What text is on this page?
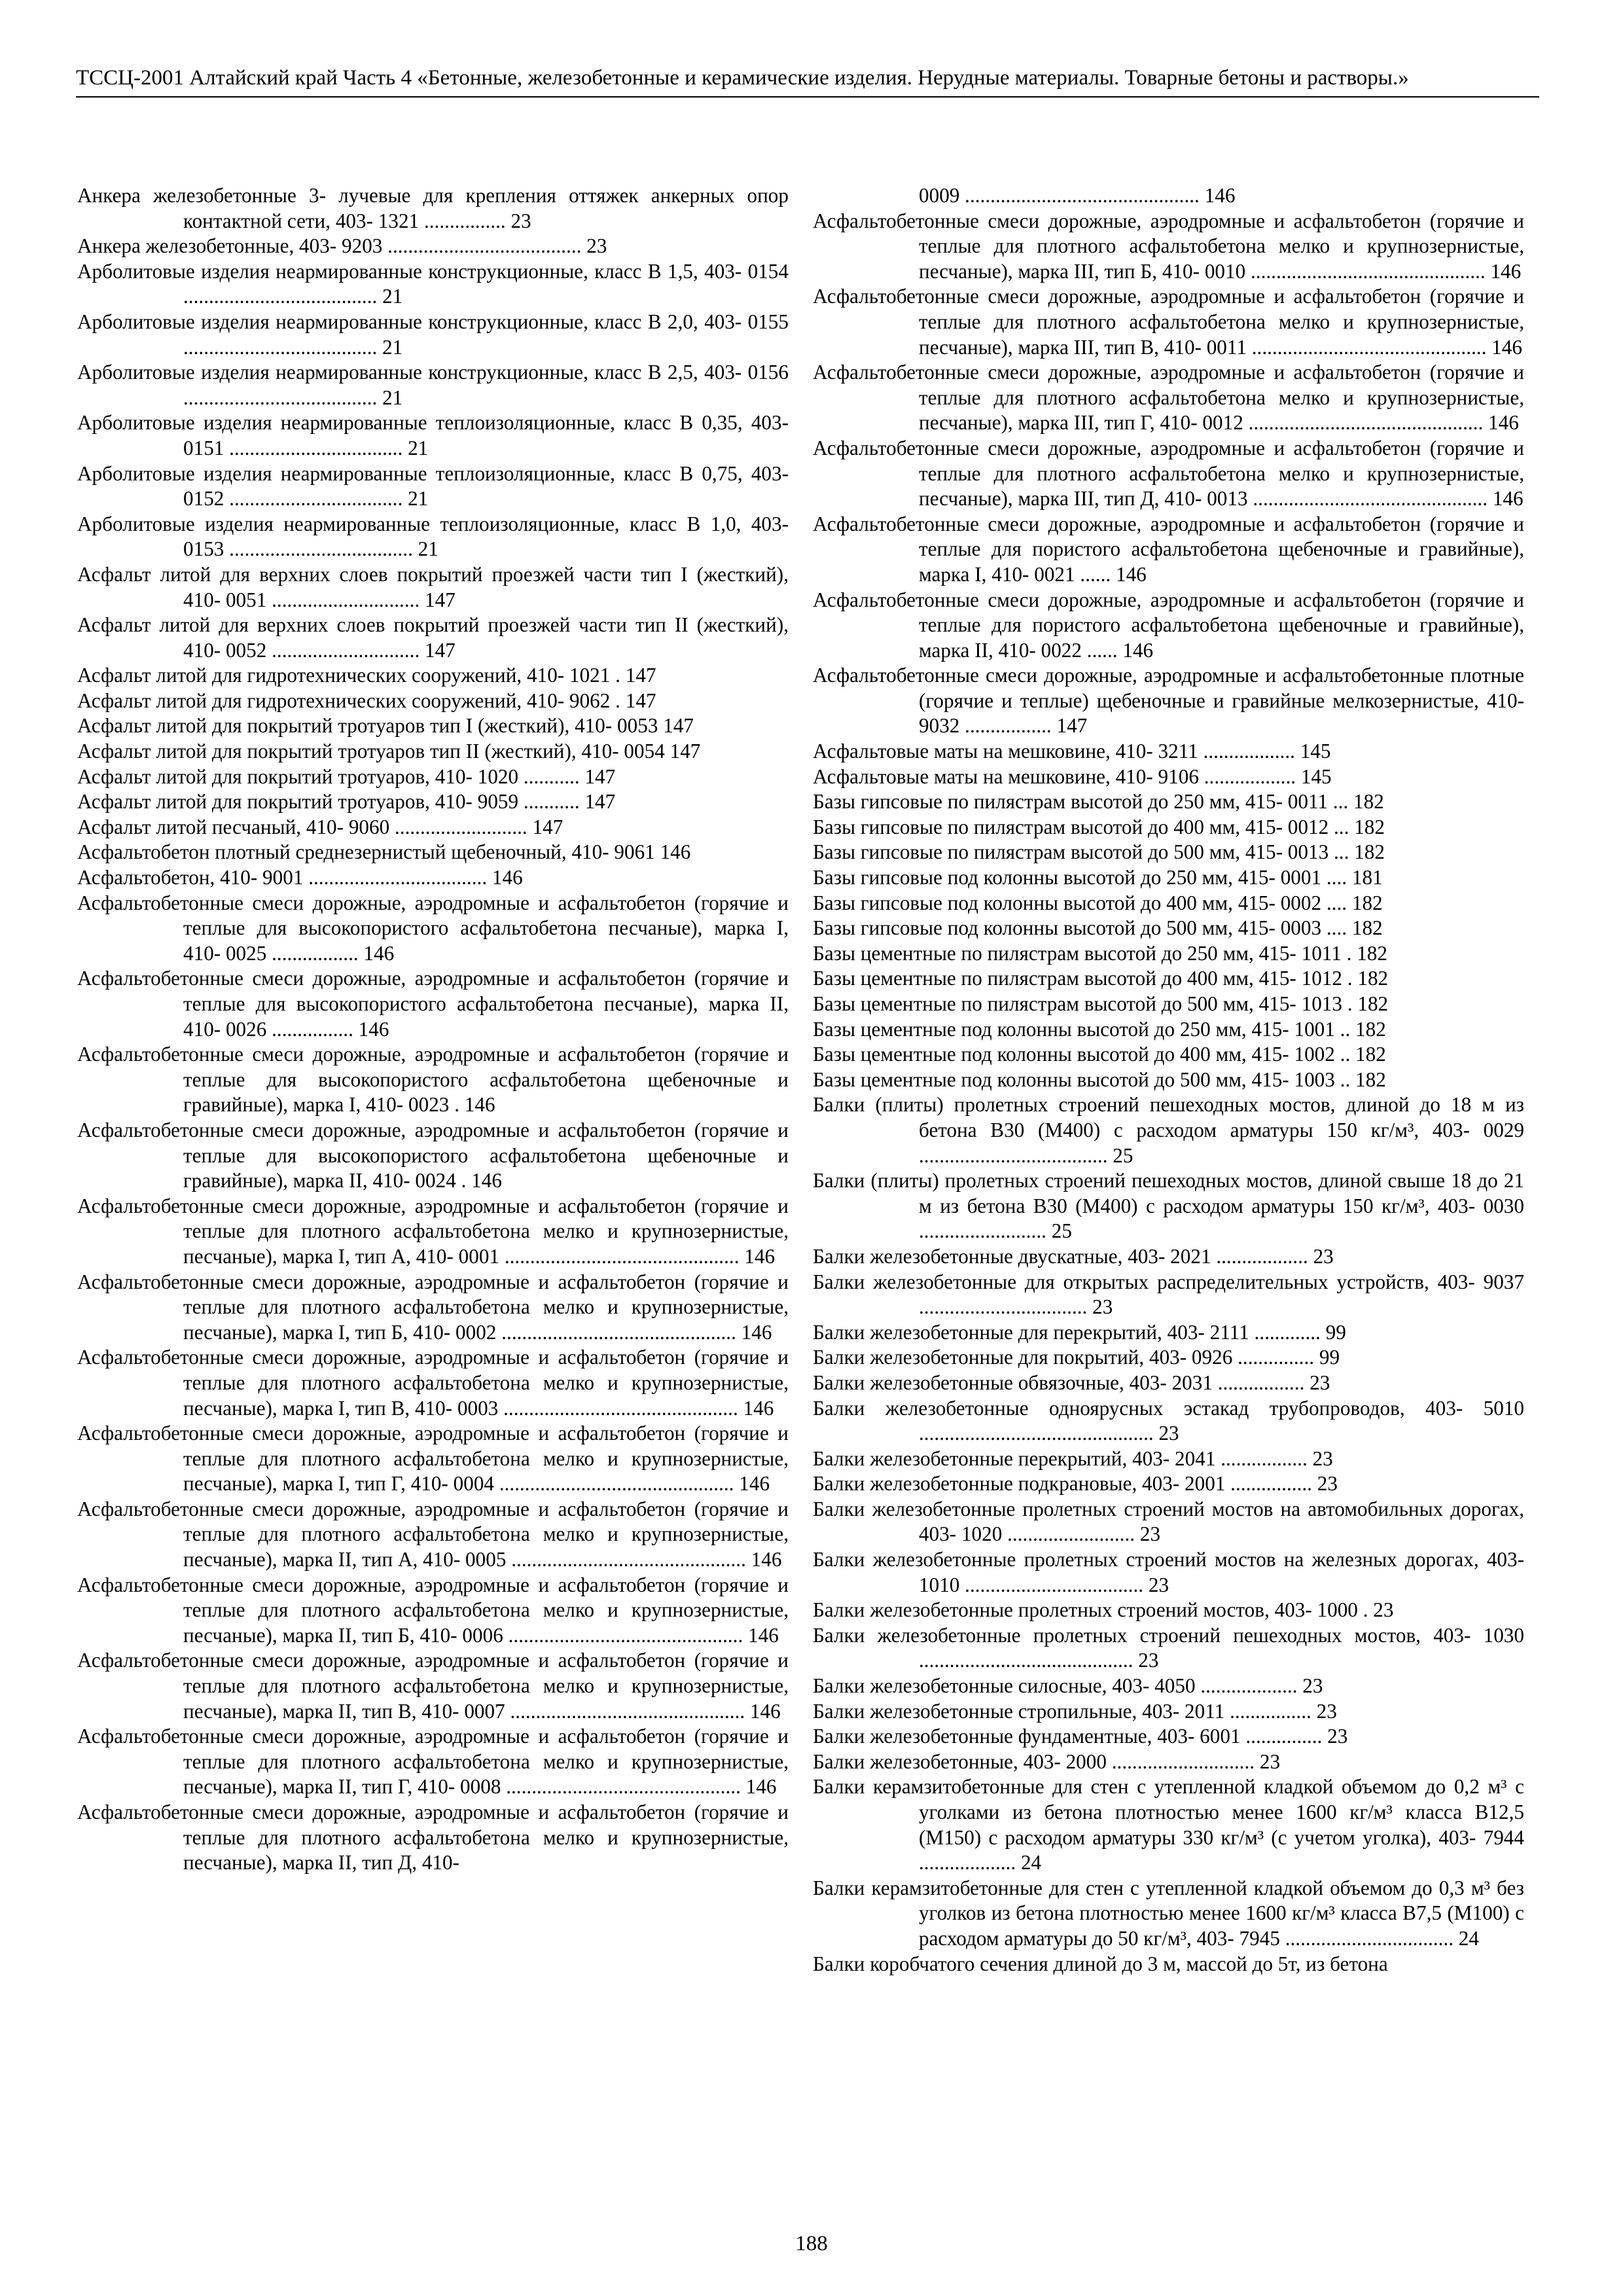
ТССЦ-2001 Алтайский край Часть 4 «Бетонные, железобетонные и керамические изделия. Нерудные материалы. Товарные бетоны и растворы.»
Анкера железобетонные 3- лучевые для крепления оттяжек анкерных опор контактной сети, 403- 1321 ................ 23
Анкера железобетонные, 403- 9203 ...................................... 23
Арболитовые изделия неармированные конструкционные, класс В 1,5, 403- 0154 ...................................... 21
Арболитовые изделия неармированные конструкционные, класс В 2,0, 403- 0155 ...................................... 21
Арболитовые изделия неармированные конструкционные, класс В 2,5, 403- 0156 ...................................... 21
Арболитовые изделия неармированные теплоизоляционные, класс В 0,35, 403- 0151 .................................. 21
Арболитовые изделия неармированные теплоизоляционные, класс В 0,75, 403- 0152 .................................. 21
Арболитовые изделия неармированные теплоизоляционные, класс В 1,0, 403- 0153 .................................... 21
Асфальт литой для верхних слоев покрытий проезжей части тип I (жесткий), 410- 0051 ............................. 147
Асфальт литой для верхних слоев покрытий проезжей части тип II (жесткий), 410- 0052 ............................. 147
Асфальт литой для гидротехнических сооружений, 410- 1021 . 147
Асфальт литой для гидротехнических сооружений, 410- 9062 . 147
Асфальт литой для покрытий тротуаров тип I (жесткий), 410- 0053 147
Асфальт литой для покрытий тротуаров тип II (жесткий), 410- 0054 147
Асфальт литой для покрытий тротуаров, 410- 1020 ........... 147
Асфальт литой для покрытий тротуаров, 410- 9059 ........... 147
Асфальт литой песчаный, 410- 9060 .......................... 147
Асфальтобетон плотный среднезернистый щебеночный, 410- 9061 146
Асфальтобетон, 410- 9001 ................................... 146
Асфальтобетонные смеси дорожные, аэродромные и асфальтобетон (горячие и теплые для высокопористого асфальтобетона песчаные), марка I, 410- 0025 ................. 146
Асфальтобетонные смеси дорожные, аэродромные и асфальтобетон (горячие и теплые для высокопористого асфальтобетона песчаные), марка II, 410- 0026 ................ 146
Асфальтобетонные смеси дорожные, аэродромные и асфальтобетон (горячие и теплые для высокопористого асфальтобетона щебеночные и гравийные), марка I, 410- 0023 . 146
Асфальтобетонные смеси дорожные, аэродромные и асфальтобетон (горячие и теплые для высокопористого асфальтобетона щебеночные и гравийные), марка II, 410- 0024 . 146
Асфальтобетонные смеси дорожные, аэродромные и асфальтобетон (горячие и теплые для плотного асфальтобетона мелко и крупнозернистые, песчаные), марка I, тип А, 410- 0001 .............................................. 146
Асфальтобетонные смеси дорожные, аэродромные и асфальтобетон (горячие и теплые для плотного асфальтобетона мелко и крупнозернистые, песчаные), марка I, тип Б, 410- 0002 .............................................. 146
Асфальтобетонные смеси дорожные, аэродромные и асфальтобетон (горячие и теплые для плотного асфальтобетона мелко и крупнозернистые, песчаные), марка I, тип В, 410- 0003 .............................................. 146
Асфальтобетонные смеси дорожные, аэродромные и асфальтобетон (горячие и теплые для плотного асфальтобетона мелко и крупнозернистые, песчаные), марка I, тип Г, 410- 0004 .............................................. 146
Асфальтобетонные смеси дорожные, аэродромные и асфальтобетон (горячие и теплые для плотного асфальтобетона мелко и крупнозернистые, песчаные), марка II, тип А, 410- 0005 .............................................. 146
Асфальтобетонные смеси дорожные, аэродромные и асфальтобетон (горячие и теплые для плотного асфальтобетона мелко и крупнозернистые, песчаные), марка II, тип Б, 410- 0006 .............................................. 146
Асфальтобетонные смеси дорожные, аэродромные и асфальтобетон (горячие и теплые для плотного асфальтобетона мелко и крупнозернистые, песчаные), марка II, тип В, 410- 0007 .............................................. 146
Асфальтобетонные смеси дорожные, аэродромные и асфальтобетон (горячие и теплые для плотного асфальтобетона мелко и крупнозернистые, песчаные), марка II, тип Г, 410- 0008 .............................................. 146
Асфальтобетонные смеси дорожные, аэродромные и асфальтобетон (горячие и теплые для плотного асфальтобетона мелко и крупнозернистые, песчаные), марка II, тип Д, 410-
0009 .............................................. 146
Асфальтобетонные смеси дорожные, аэродромные и асфальтобетон (горячие и теплые для плотного асфальтобетона мелко и крупнозернистые, песчаные), марка III, тип Б, 410- 0010 .............................................. 146
Асфальтобетонные смеси дорожные, аэродромные и асфальтобетон (горячие и теплые для плотного асфальтобетона мелко и крупнозернистые, песчаные), марка III, тип В, 410- 0011 .............................................. 146
Асфальтобетонные смеси дорожные, аэродромные и асфальтобетон (горячие и теплые для плотного асфальтобетона мелко и крупнозернистые, песчаные), марка III, тип Г, 410- 0012 .............................................. 146
Асфальтобетонные смеси дорожные, аэродромные и асфальтобетон (горячие и теплые для плотного асфальтобетона мелко и крупнозернистые, песчаные), марка III, тип Д, 410- 0013 .............................................. 146
Асфальтобетонные смеси дорожные, аэродромные и асфальтобетон (горячие и теплые для пористого асфальтобетона щебеночные и гравийные), марка I, 410- 0021 ...... 146
Асфальтобетонные смеси дорожные, аэродромные и асфальтобетон (горячие и теплые для пористого асфальтобетона щебеночные и гравийные), марка II, 410- 0022 ...... 146
Асфальтобетонные смеси дорожные, аэродромные и асфальтобетонные плотные (горячие и теплые) щебеночные и гравийные мелкозернистые, 410- 9032 ................. 147
Асфальтовые маты на мешковине, 410- 3211 .................. 145
Асфальтовые маты на мешковине, 410- 9106 .................. 145
Базы гипсовые по пилястрам высотой до 250 мм, 415- 0011 ... 182
Базы гипсовые по пилястрам высотой до 400 мм, 415- 0012 ... 182
Базы гипсовые по пилястрам высотой до 500 мм, 415- 0013 ... 182
Базы гипсовые под колонны высотой до 250 мм, 415- 0001 .... 181
Базы гипсовые под колонны высотой до 400 мм, 415- 0002 .... 182
Базы гипсовые под колонны высотой до 500 мм, 415- 0003 .... 182
Базы цементные по пилястрам высотой до 250 мм, 415- 1011 . 182
Базы цементные по пилястрам высотой до 400 мм, 415- 1012 . 182
Базы цементные по пилястрам высотой до 500 мм, 415- 1013 . 182
Базы цементные под колонны высотой до 250 мм, 415- 1001 .. 182
Базы цементные под колонны высотой до 400 мм, 415- 1002 .. 182
Базы цементные под колонны высотой до 500 мм, 415- 1003 .. 182
Балки (плиты) пролетных строений пешеходных мостов, длиной до 18 м из бетона В30 (М400) с расходом арматуры 150 кг/м³, 403- 0029 ..................................... 25
Балки (плиты) пролетных строений пешеходных мостов, длиной свыше 18 до 21 м из бетона В30 (М400) с расходом арматуры 150 кг/м³, 403- 0030 ......................... 25
Балки железобетонные двускатные, 403- 2021 .................. 23
Балки железобетонные для открытых распределительных устройств, 403- 9037 ................................. 23
Балки железобетонные для перекрытий, 403- 2111 ............. 99
Балки железобетонные для покрытий, 403- 0926 ............... 99
Балки железобетонные обвязочные, 403- 2031 ................. 23
Балки железобетонные одноярусных эстакад трубопроводов, 403- 5010 .............................................. 23
Балки железобетонные перекрытий, 403- 2041 ................. 23
Балки железобетонные подкрановые, 403- 2001 ................ 23
Балки железобетонные пролетных строений мостов на автомобильных дорогах, 403- 1020 ......................... 23
Балки железобетонные пролетных строений мостов на железных дорогах, 403- 1010 ................................... 23
Балки железобетонные пролетных строений мостов, 403- 1000 . 23
Балки железобетонные пролетных строений пешеходных мостов, 403- 1030 .......................................... 23
Балки железобетонные силосные, 403- 4050 ................... 23
Балки железобетонные стропильные, 403- 2011 ................ 23
Балки железобетонные фундаментные, 403- 6001 ............... 23
Балки железобетонные, 403- 2000 ............................ 23
Балки керамзитобетонные для стен с утепленной кладкой объемом до 0,2 м³ с уголками из бетона плотностью менее 1600 кг/м³ класса В12,5 (М150) с расходом арматуры 330 кг/м³ (с учетом уголка), 403- 7944 ................... 24
Балки керамзитобетонные для стен с утепленной кладкой объемом до 0,3 м³ без уголков из бетона плотностью менее 1600 кг/м³ класса В7,5 (М100) с расходом арматуры до 50 кг/м³, 403- 7945 ................................. 24
Балки коробчатого сечения длиной до 3 м, массой до 5т, из бетона
188
